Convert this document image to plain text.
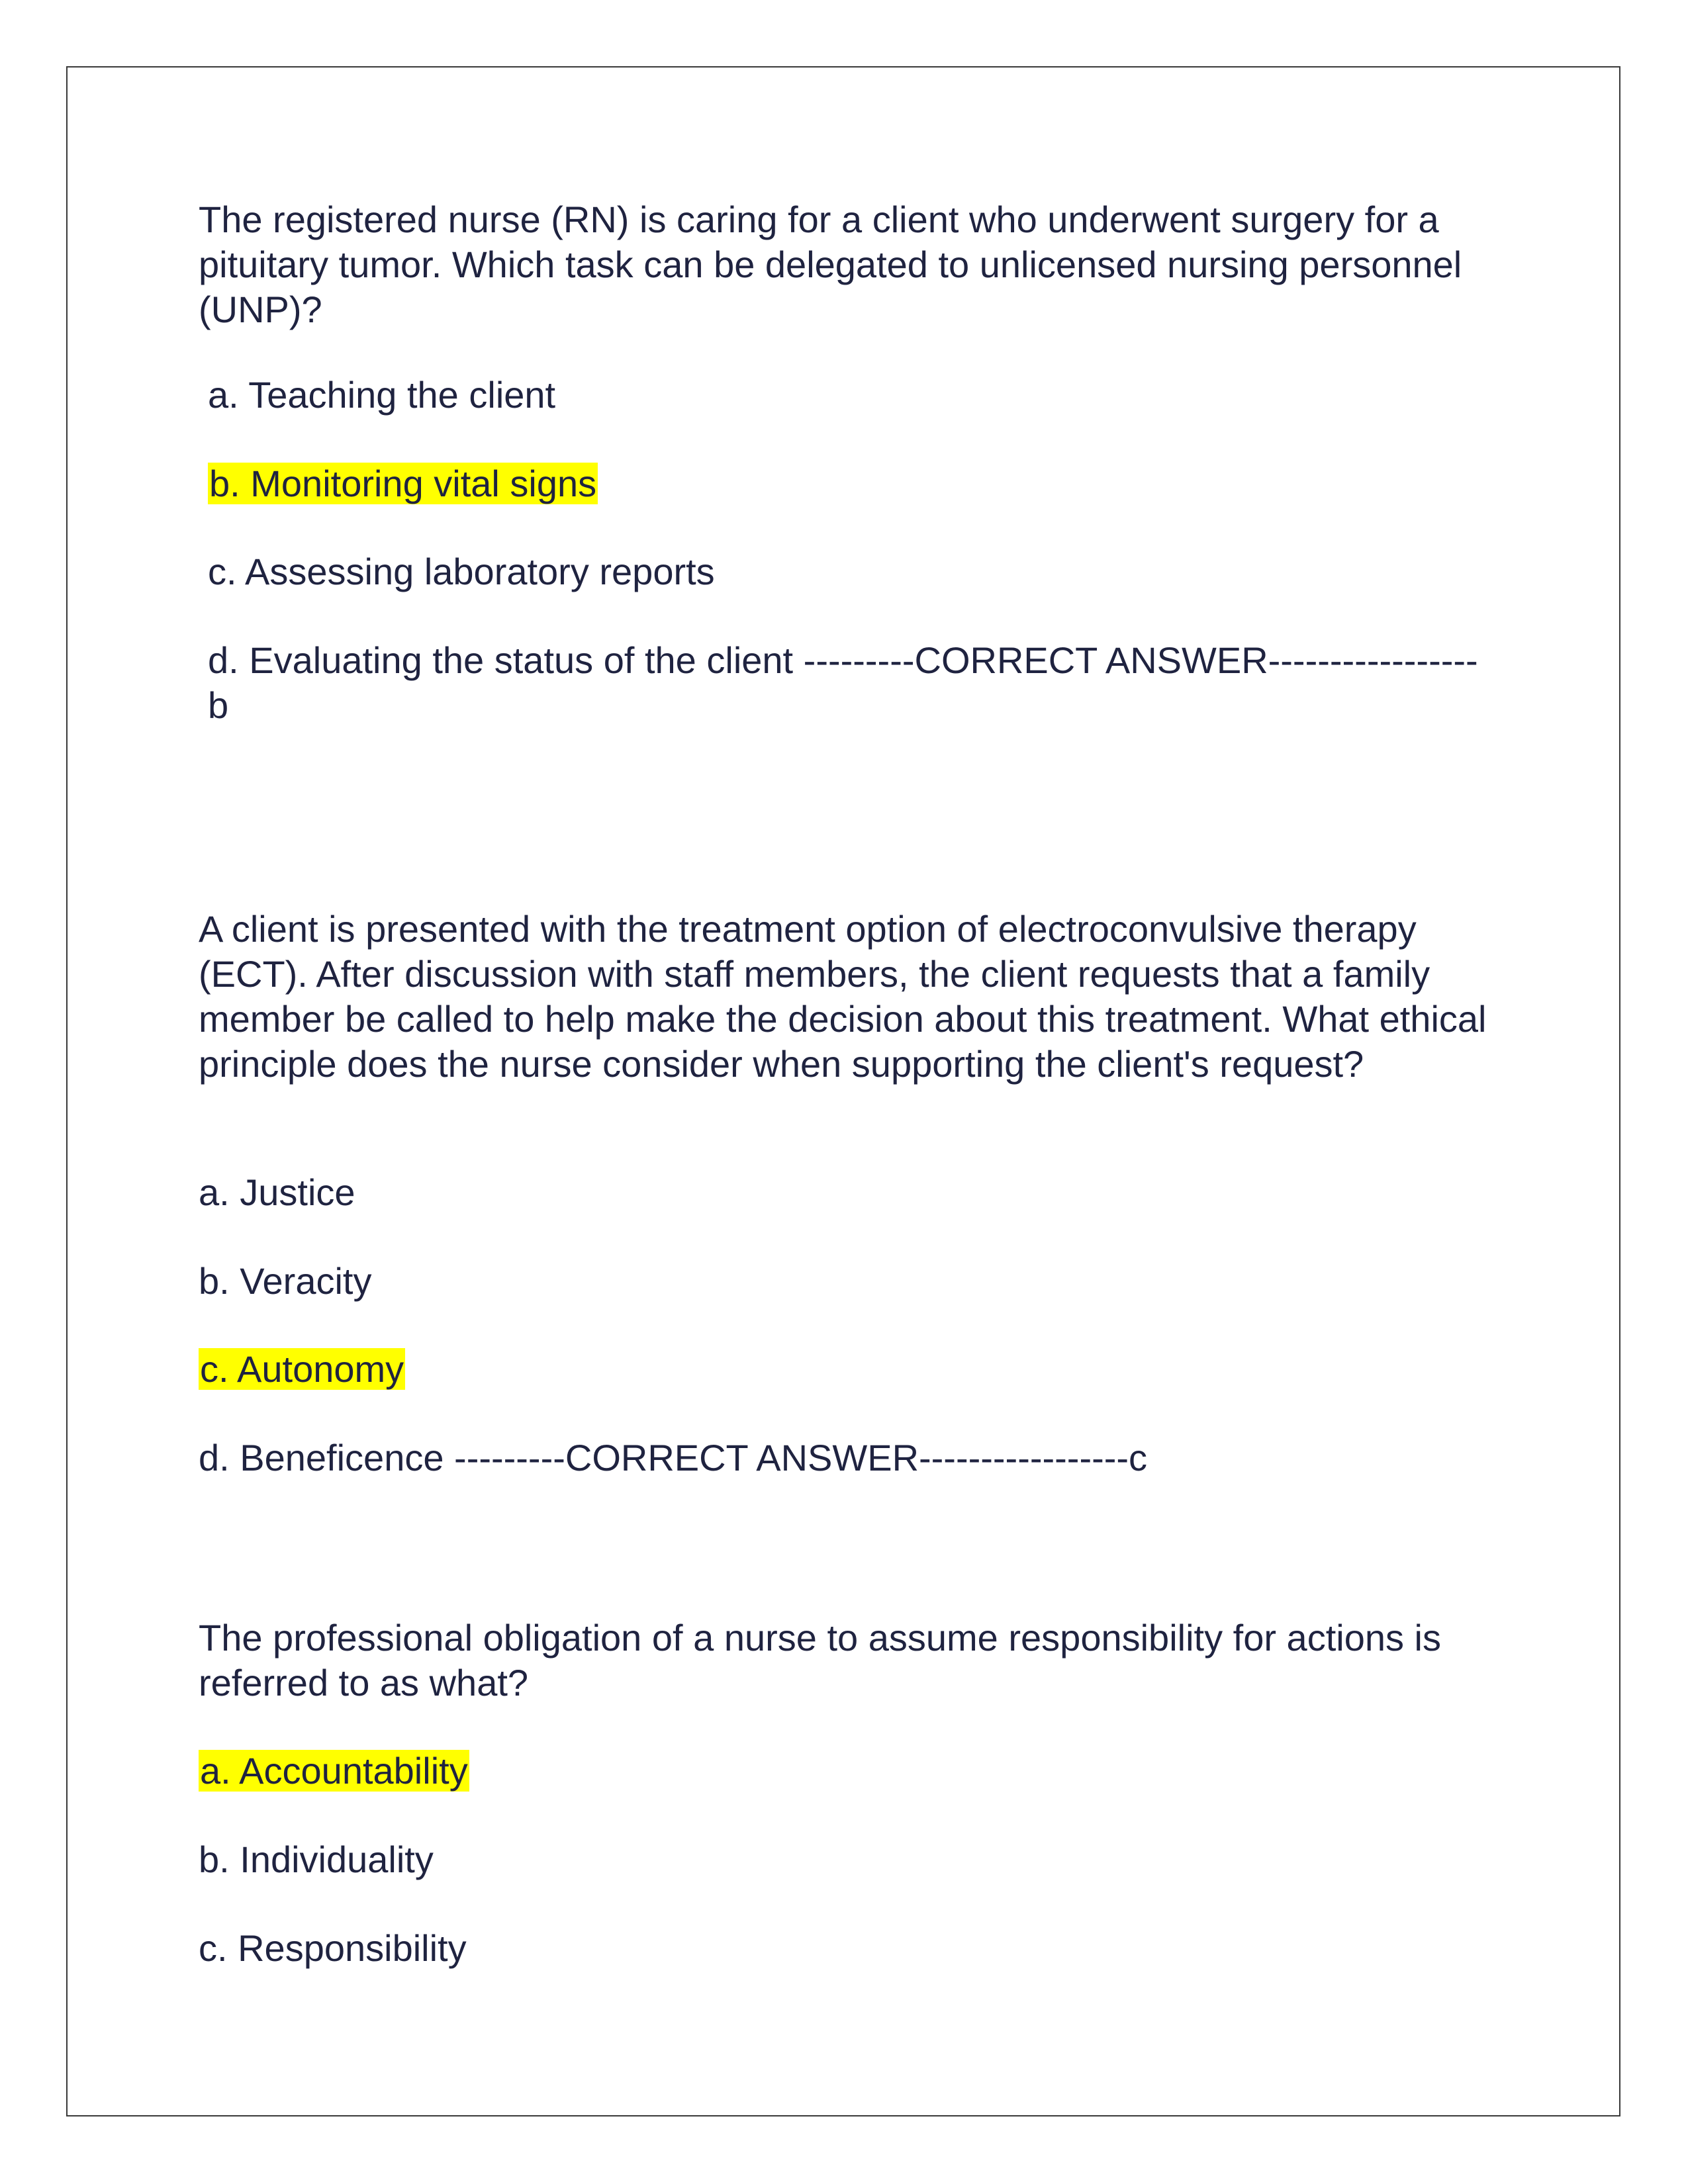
The registered nurse (RN) is caring for a client who underwent surgery for a pituitary tumor. Which task can be delegated to unlicensed nursing personnel (UNP)?

a. Teaching the client
b. Monitoring vital signs
c. Assessing laboratory reports
d. Evaluating the status of the client ---------CORRECT ANSWER-----------------b

A client is presented with the treatment option of electroconvulsive therapy (ECT). After discussion with staff members, the client requests that a family member be called to help make the decision about this treatment. What ethical principle does the nurse consider when supporting the client's request?

a. Justice
b. Veracity
c. Autonomy
d. Beneficence ---------CORRECT ANSWER-----------------c

The professional obligation of a nurse to assume responsibility for actions is referred to as what?

a. Accountability
b. Individuality
c. Responsibility
